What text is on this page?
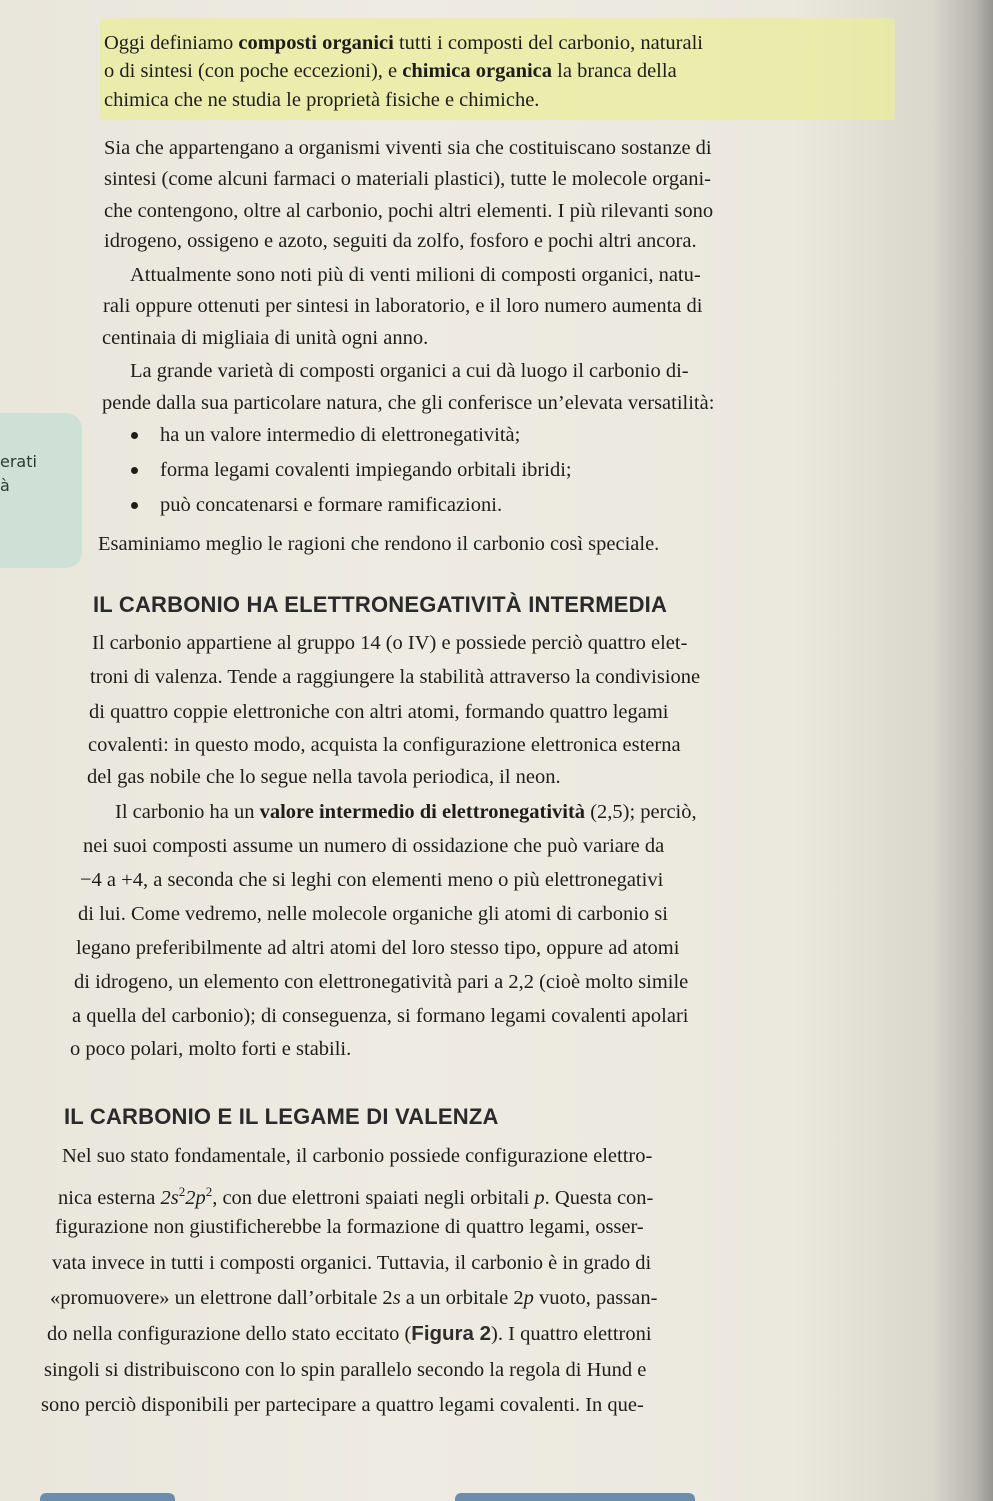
erati
à

Oggi definiamo composti organici tutti i composti del carbonio, naturali

o di sintesi (con poche eccezioni), e chimica organica la branca della

chimica che ne studia le proprietà fisiche e chimiche.

Sia che appartengano a organismi viventi sia che costituiscano sostanze di

sintesi (come alcuni farmaci o materiali plastici), tutte le molecole organi-

che contengono, oltre al carbonio, pochi altri elementi. I più rilevanti sono

idrogeno, ossigeno e azoto, seguiti da zolfo, fosforo e pochi altri ancora.

Attualmente sono noti più di venti milioni di composti organici, natu-

rali oppure ottenuti per sintesi in laboratorio, e il loro numero aumenta di

centinaia di migliaia di unità ogni anno.

La grande varietà di composti organici a cui dà luogo il carbonio di-

pende dalla sua particolare natura, che gli conferisce un’elevata versatilità:

ha un valore intermedio di elettronegatività;

forma legami covalenti impiegando orbitali ibridi;

può concatenarsi e formare ramificazioni.

Esaminiamo meglio le ragioni che rendono il carbonio così speciale.

IL CARBONIO HA ELETTRONEGATIVITÀ INTERMEDIA

Il carbonio appartiene al gruppo 14 (o IV) e possiede perciò quattro elet-

troni di valenza. Tende a raggiungere la stabilità attraverso la condivisione

di quattro coppie elettroniche con altri atomi, formando quattro legami

covalenti: in questo modo, acquista la configurazione elettronica esterna

del gas nobile che lo segue nella tavola periodica, il neon.

Il carbonio ha un valore intermedio di elettronegatività (2,5); perciò,

nei suoi composti assume un numero di ossidazione che può variare da

−4 a +4, a seconda che si leghi con elementi meno o più elettronegativi

di lui. Come vedremo, nelle molecole organiche gli atomi di carbonio si

legano preferibilmente ad altri atomi del loro stesso tipo, oppure ad atomi

di idrogeno, un elemento con elettronegatività pari a 2,2 (cioè molto simile

a quella del carbonio); di conseguenza, si formano legami covalenti apolari

o poco polari, molto forti e stabili.

IL CARBONIO E IL LEGAME DI VALENZA

Nel suo stato fondamentale, il carbonio possiede configurazione elettro-

nica esterna $2s^22p^2$, con due elettroni spaiati negli orbitali p. Questa con-

figurazione non giustificherebbe la formazione di quattro legami, osser-

vata invece in tutti i composti organici. Tuttavia, il carbonio è in grado di

«promuovere» un elettrone dall’orbitale 2s a un orbitale 2p vuoto, passan-

do nella configurazione dello stato eccitato (Figura 2). I quattro elettroni

singoli si distribuiscono con lo spin parallelo secondo la regola di Hund e

sono perciò disponibili per partecipare a quattro legami covalenti. In que-
